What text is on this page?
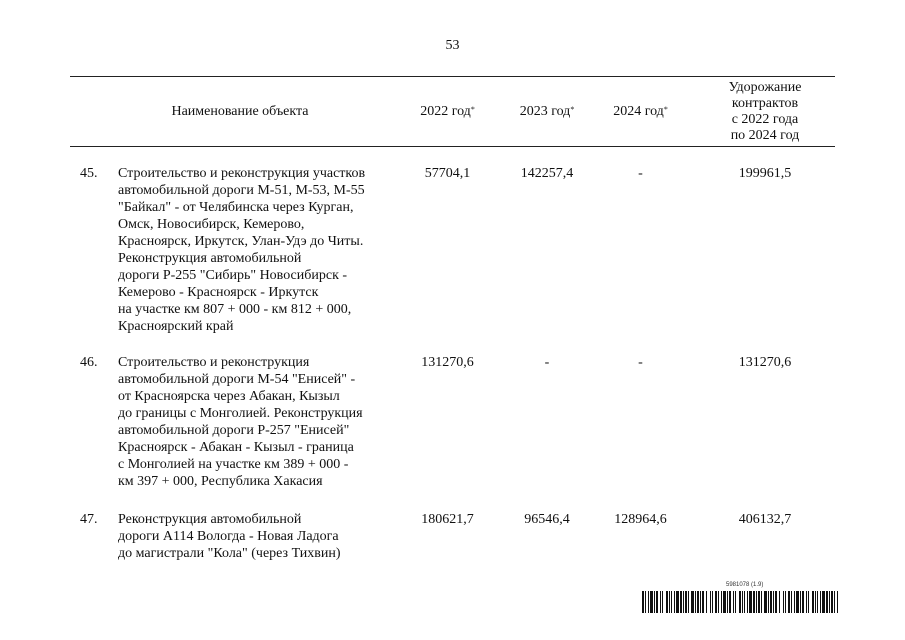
53
Наименование объекта	2022 год*	2023 год*	2024 год*
Удорожание
контрактов
с 2022 года
по 2024 год
45. Строительство и реконструкция участков
автомобильной дороги М-51, М-53, М-55
"Байкал" - от Челябинска через Курган,
Омск, Новосибирск, Кемерово,
Красноярск, Иркутск, Улан-Удэ до Читы.
Реконструкция автомобильной
дороги Р-255 "Сибирь" Новосибирск -
Кемерово - Красноярск - Иркутск
на участке км 807 + 000 - км 812 + 000,
Красноярский край
57704,1	142257,4	-	199961,5
46. Строительство и реконструкция
автомобильной дороги М-54 "Енисей" -
от Красноярска через Абакан, Кызыл
до границы с Монголией. Реконструкция
автомобильной дороги Р-257 "Енисей"
Красноярск - Абакан - Кызыл - граница
с Монголией на участке км 389 + 000 -
км 397 + 000, Республика Хакасия
131270,6	-	-	131270,6
47. Реконструкция автомобильной
дороги А114 Вологда - Новая Ладога
до магистрали "Кола" (через Тихвин)
180621,7	96546,4	128964,6	406132,7
5981078 (1.9)
